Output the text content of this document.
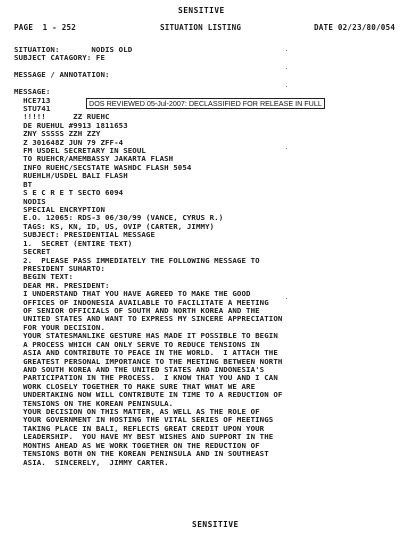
SENSITIVE
PAGE  1 - 252	SITUATION LISTING	DATE 02/23/80/054
SITUATION:       NODIS OLD
SUBJECT CATAGORY: FE
MESSAGE / ANNOTATION:
MESSAGE:
HCE713
STU741
!!!!!      ZZ RUEHC
DE RUEHUL #9913 1811653
ZNY SSSSS ZZH ZZY
Z 301648Z JUN 79 ZFF-4
FM USDEL SECRETARY IN SEOUL
TO RUEHCR/AMEMBASSY JAKARTA FLASH
INFO RUEHC/SECSTATE WASHDC FLASH 5054
RUEHLH/USDEL BALI FLASH
BT
S E C R E T SECTO 6094
NODIS
SPECIAL ENCRYPTION
E.O. 12065: RDS-3 06/30/99 (VANCE, CYRUS R.)
TAGS: KS, KN, ID, US, OVIP (CARTER, JIMMY)
SUBJECT: PRESIDENTIAL MESSAGE
1.  SECRET (ENTIRE TEXT)
SECRET
2.  PLEASE PASS IMMEDIATELY THE FOLLOWING MESSAGE TO
PRESIDENT SUHARTO:
BEGIN TEXT:
DEAR MR. PRESIDENT:
I UNDERSTAND THAT YOU HAVE AGREED TO MAKE THE GOOD
OFFICES OF INDONESIA AVAILABLE TO FACILITATE A MEETING
OF SENIOR OFFICIALS OF SOUTH AND NORTH KOREA AND THE
UNITED STATES AND WANT TO EXPRESS MY SINCERE APPRECIATION
FOR YOUR DECISION.
YOUR STATESMANLIKE GESTURE HAS MADE IT POSSIBLE TO BEGIN
A PROCESS WHICH CAN ONLY SERVE TO REDUCE TENSIONS IN
ASIA AND CONTRIBUTE TO PEACE IN THE WORLD.  I ATTACH THE
GREATEST PERSONAL IMPORTANCE TO THE MEETING BETWEEN NORTH
AND SOUTH KOREA AND THE UNITED STATES AND INDONESIA'S
PARTICIPATION IN THE PROCESS.  I KNOW THAT YOU AND I CAN
WORK CLOSELY TOGETHER TO MAKE SURE THAT WHAT WE ARE
UNDERTAKING NOW WILL CONTRIBUTE IN TIME TO A REDUCTION OF
TENSIONS ON THE KOREAN PENINSULA.
YOUR DECISION ON THIS MATTER, AS WELL AS THE ROLE OF
YOUR GOVERNMENT IN HOSTING THE VITAL SERIES OF MEETINGS
TAKING PLACE IN BALI, REFLECTS GREAT CREDIT UPON YOUR
LEADERSHIP.  YOU HAVE MY BEST WISHES AND SUPPORT IN THE
MONTHS AHEAD AS WE WORK TOGETHER ON THE REDUCTION OF
TENSIONS BOTH ON THE KOREAN PENINSULA AND IN SOUTHEAST
ASIA.  SINCERELY,  JIMMY CARTER.
DOS REVIEWED 05-Jul-2007: DECLASSIFIED FOR RELEASE IN FULL
SENSITIVE
